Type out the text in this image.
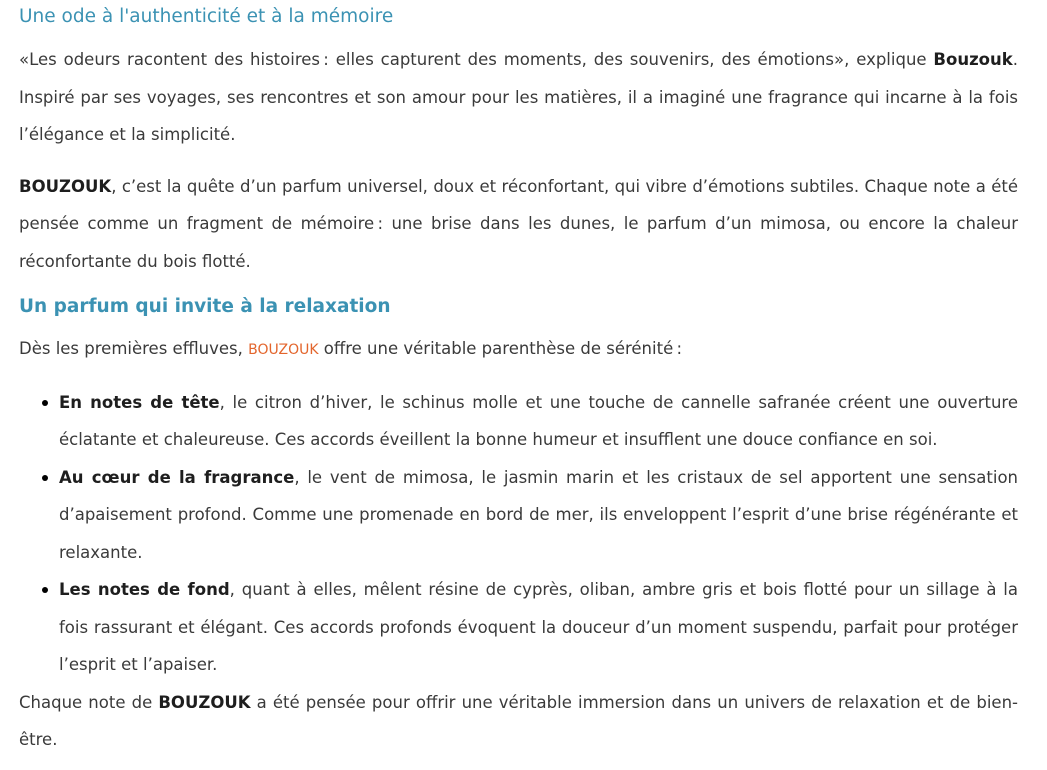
Une ode à l'authenticité et à la mémoire

«Les odeurs racontent des histoires : elles capturent des moments, des souvenirs, des émotions», explique Bouzouk. Inspiré par ses voyages, ses rencontres et son amour pour les matières, il a imaginé une fragrance qui incarne à la fois l’élégance et la simplicité.

BOUZOUK, c’est la quête d’un parfum universel, doux et réconfortant, qui vibre d’émotions subtiles. Chaque note a été pensée comme un fragment de mémoire : une brise dans les dunes, le parfum d’un mimosa, ou encore la chaleur réconfortante du bois flotté.

Un parfum qui invite à la relaxation

Dès les premières effluves, BOUZOUK offre une véritable parenthèse de sérénité :

En notes de tête, le citron d’hiver, le schinus molle et une touche de cannelle safranée créent une ouverture éclatante et chaleureuse. Ces accords éveillent la bonne humeur et insufflent une douce confiance en soi.
Au cœur de la fragrance, le vent de mimosa, le jasmin marin et les cristaux de sel apportent une sensation d’apaisement profond. Comme une promenade en bord de mer, ils enveloppent l’esprit d’une brise régénérante et relaxante.
Les notes de fond, quant à elles, mêlent résine de cyprès, oliban, ambre gris et bois flotté pour un sillage à la fois rassurant et élégant. Ces accords profonds évoquent la douceur d’un moment suspendu, parfait pour protéger l’esprit et l’apaiser.

Chaque note de BOUZOUK a été pensée pour offrir une véritable immersion dans un univers de relaxation et de bien-être.
